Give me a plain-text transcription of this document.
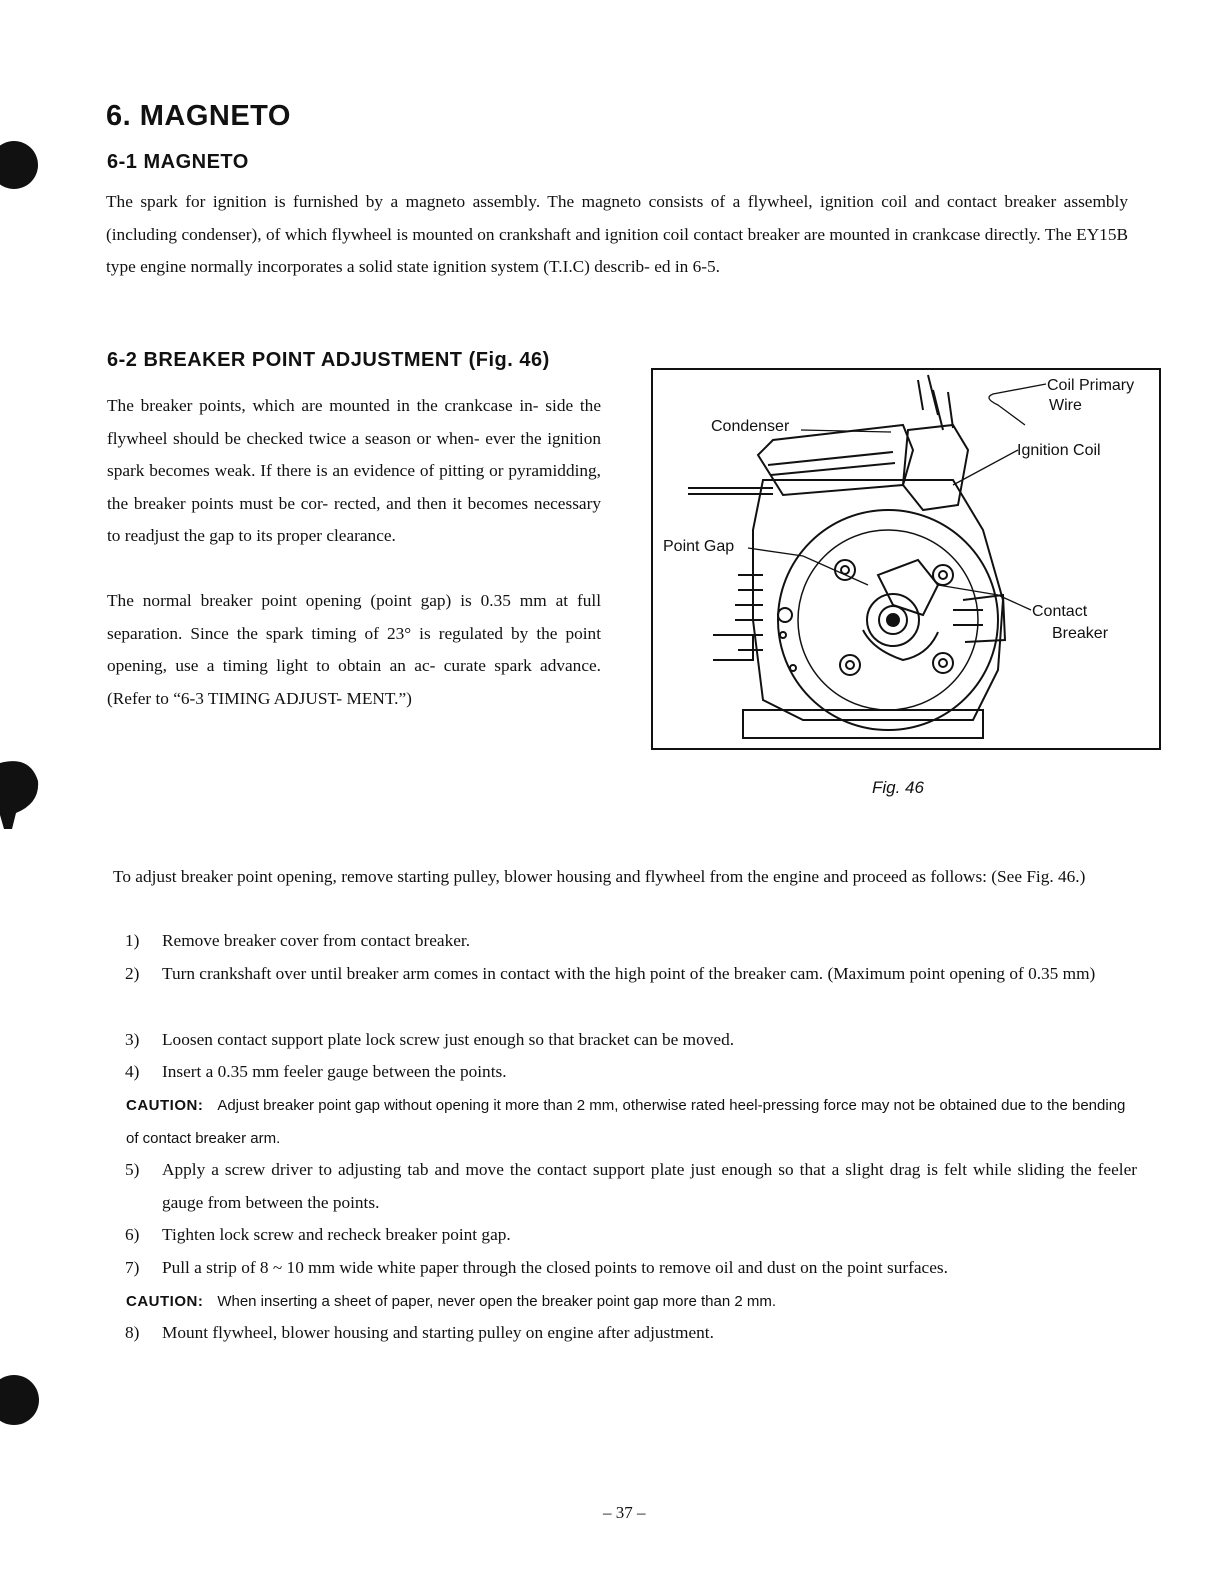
6. MAGNETO
6-1 MAGNETO
The spark for ignition is furnished by a magneto assembly. The magneto consists of a flywheel, ignition coil and contact breaker assembly (including condenser), of which flywheel is mounted on crankshaft and ignition coil contact breaker are mounted in crankcase directly. The EY15B type engine normally incorporates a solid state ignition system (T.I.C) describ- ed in 6-5.
6-2 BREAKER POINT ADJUSTMENT (Fig. 46)
The breaker points, which are mounted in the crankcase in- side the flywheel should be checked twice a season or when- ever the ignition spark becomes weak. If there is an evidence of pitting or pyramidding, the breaker points must be cor- rected, and then it becomes necessary to readjust the gap to its proper clearance.
The normal breaker point opening (point gap) is 0.35 mm at full separation. Since the spark timing of 23° is regulated by the point opening, use a timing light to obtain an ac- curate spark advance. (Refer to “6-3 TIMING ADJUST- MENT.”)
Coil Primary
Wire
Condenser
Ignition Coil
Point Gap
Contact
Breaker
Fig. 46
To adjust breaker point opening, remove starting pulley, blower housing and flywheel from the engine and proceed as follows: (See Fig. 46.)
1) Remove breaker cover from contact breaker.
2) Turn crankshaft over until breaker arm comes in contact with the high point of the breaker cam. (Maximum point opening of 0.35 mm)
3) Loosen contact support plate lock screw just enough so that bracket can be moved.
4) Insert a 0.35 mm feeler gauge between the points.
CAUTION: Adjust breaker point gap without opening it more than 2 mm, otherwise rated heel-pressing force may not be obtained due to the bending of contact breaker arm.
5) Apply a screw driver to adjusting tab and move the contact support plate just enough so that a slight drag is felt while sliding the feeler gauge from between the points.
6) Tighten lock screw and recheck breaker point gap.
7) Pull a strip of 8 ~ 10 mm wide white paper through the closed points to remove oil and dust on the point surfaces.
CAUTION: When inserting a sheet of paper, never open the breaker point gap more than 2 mm.
8) Mount flywheel, blower housing and starting pulley on engine after adjustment.
– 37 –
